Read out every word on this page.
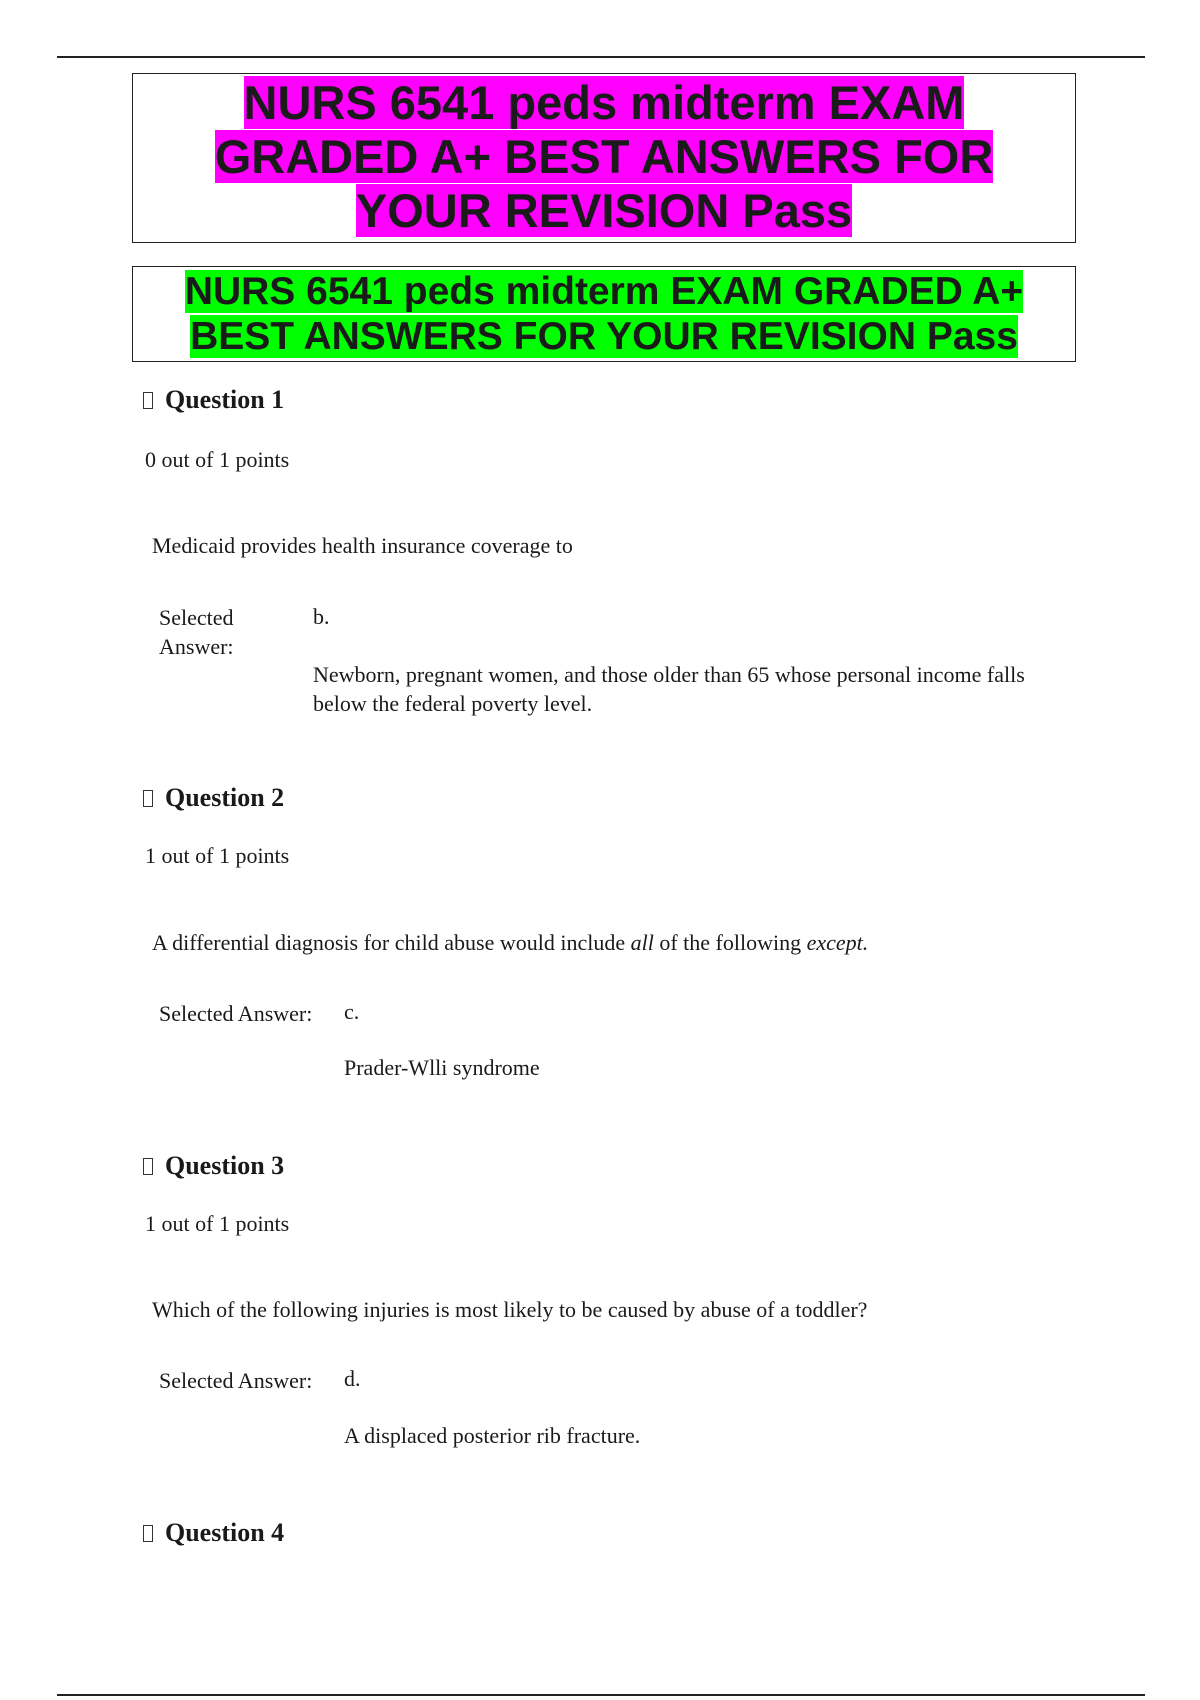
NURS 6541 peds midterm EXAM
GRADED A+ BEST ANSWERS FOR
YOUR REVISION Pass
NURS 6541 peds midterm EXAM GRADED A+
BEST ANSWERS FOR YOUR REVISION Pass
Question 1
0 out of 1 points
Medicaid provides health insurance coverage to
Selected Answer:
b.
Newborn, pregnant women, and those older than 65 whose personal income falls below the federal poverty level.
Question 2
1 out of 1 points
A differential diagnosis for child abuse would include all of the following except.
Selected Answer: c.
Prader-Wlli syndrome
Question 3
1 out of 1 points
Which of the following injuries is most likely to be caused by abuse of a toddler?
Selected Answer: d.
A displaced posterior rib fracture.
Question 4
